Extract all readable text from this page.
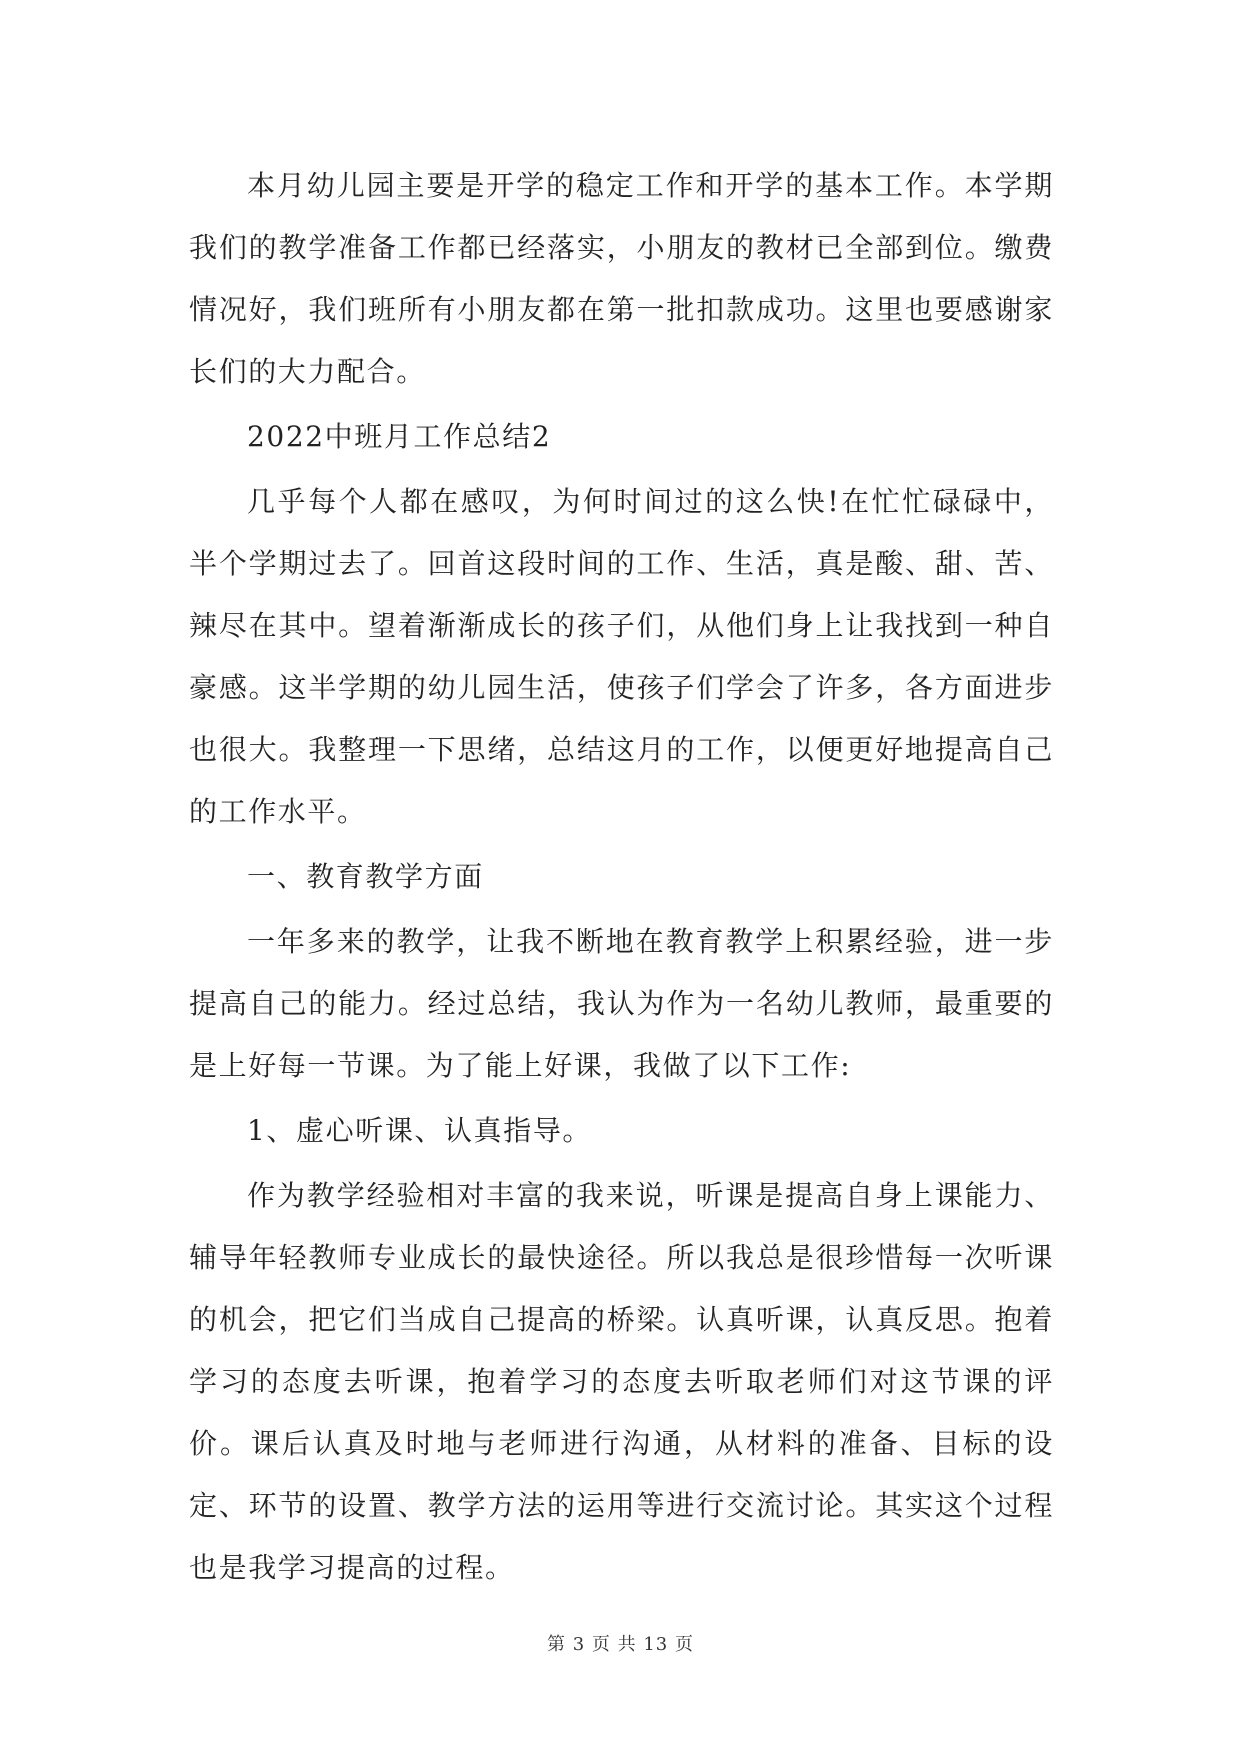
本月幼儿园主要是开学的稳定工作和开学的基本工作。本学期我们的教学准备工作都已经落实，小朋友的教材已全部到位。缴费情况好，我们班所有小朋友都在第一批扣款成功。这里也要感谢家长们的大力配合。

2022中班月工作总结2

几乎每个人都在感叹，为何时间过的这么快!在忙忙碌碌中，半个学期过去了。回首这段时间的工作、生活，真是酸、甜、苦、辣尽在其中。望着渐渐成长的孩子们，从他们身上让我找到一种自豪感。这半学期的幼儿园生活，使孩子们学会了许多，各方面进步也很大。我整理一下思绪，总结这月的工作，以便更好地提高自己的工作水平。

一、教育教学方面

一年多来的教学，让我不断地在教育教学上积累经验，进一步提高自己的能力。经过总结，我认为作为一名幼儿教师，最重要的是上好每一节课。为了能上好课，我做了以下工作:

1、虚心听课、认真指导。

作为教学经验相对丰富的我来说，听课是提高自身上课能力、辅导年轻教师专业成长的最快途径。所以我总是很珍惜每一次听课的机会，把它们当成自己提高的桥梁。认真听课，认真反思。抱着学习的态度去听课，抱着学习的态度去听取老师们对这节课的评价。课后认真及时地与老师进行沟通，从材料的准备、目标的设定、环节的设置、教学方法的运用等进行交流讨论。其实这个过程也是我学习提高的过程。

第 3 页 共 13 页
